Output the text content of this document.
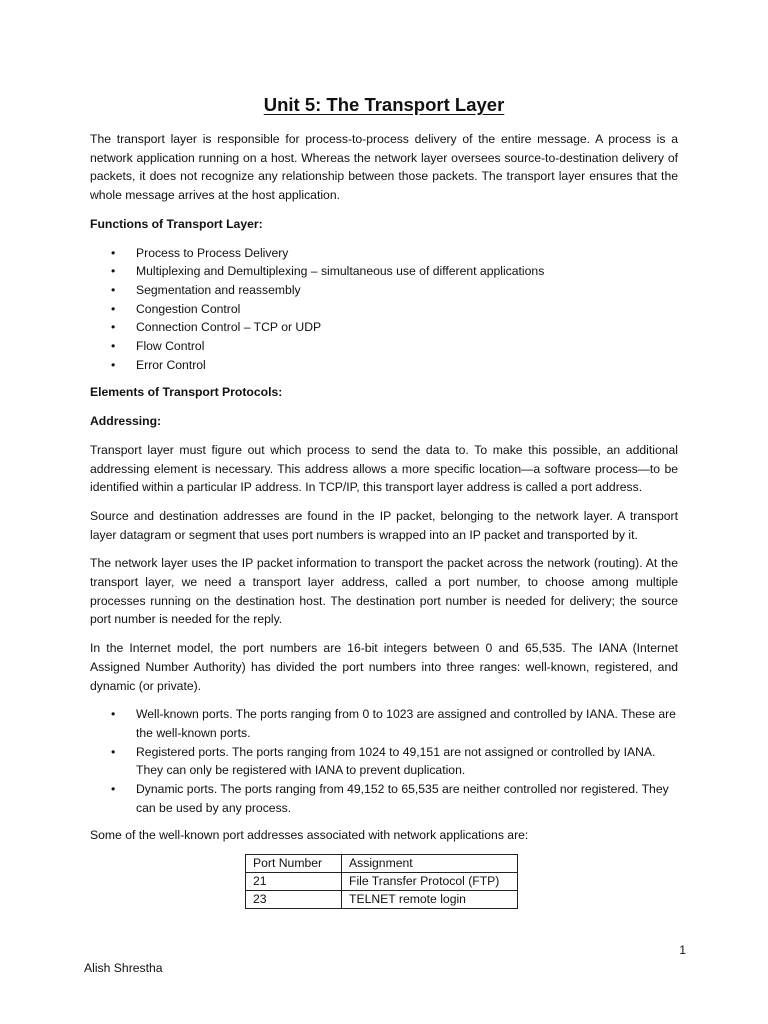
Unit 5: The Transport Layer

The transport layer is responsible for process-to-process delivery of the entire message. A process is a network application running on a host. Whereas the network layer oversees source-to-destination delivery of packets, it does not recognize any relationship between those packets. The transport layer ensures that the whole message arrives at the host application.

Functions of Transport Layer:

• Process to Process Delivery
• Multiplexing and Demultiplexing – simultaneous use of different applications
• Segmentation and reassembly
• Congestion Control
• Connection Control – TCP or UDP
• Flow Control
• Error Control

Elements of Transport Protocols:

Addressing:

Transport layer must figure out which process to send the data to. To make this possible, an additional addressing element is necessary. This address allows a more specific location—a software process—to be identified within a particular IP address. In TCP/IP, this transport layer address is called a port address.

Source and destination addresses are found in the IP packet, belonging to the network layer. A transport layer datagram or segment that uses port numbers is wrapped into an IP packet and transported by it.

The network layer uses the IP packet information to transport the packet across the network (routing). At the transport layer, we need a transport layer address, called a port number, to choose among multiple processes running on the destination host. The destination port number is needed for delivery; the source port number is needed for the reply.

In the Internet model, the port numbers are 16-bit integers between 0 and 65,535. The IANA (Internet Assigned Number Authority) has divided the port numbers into three ranges: well-known, registered, and dynamic (or private).

• Well-known ports. The ports ranging from 0 to 1023 are assigned and controlled by IANA. These are the well-known ports.
• Registered ports. The ports ranging from 1024 to 49,151 are not assigned or controlled by IANA. They can only be registered with IANA to prevent duplication.
• Dynamic ports. The ports ranging from 49,152 to 65,535 are neither controlled nor registered. They can be used by any process.

Some of the well-known port addresses associated with network applications are:

Port Number	Assignment
21	File Transfer Protocol (FTP)
23	TELNET remote login
1
Alish Shrestha
